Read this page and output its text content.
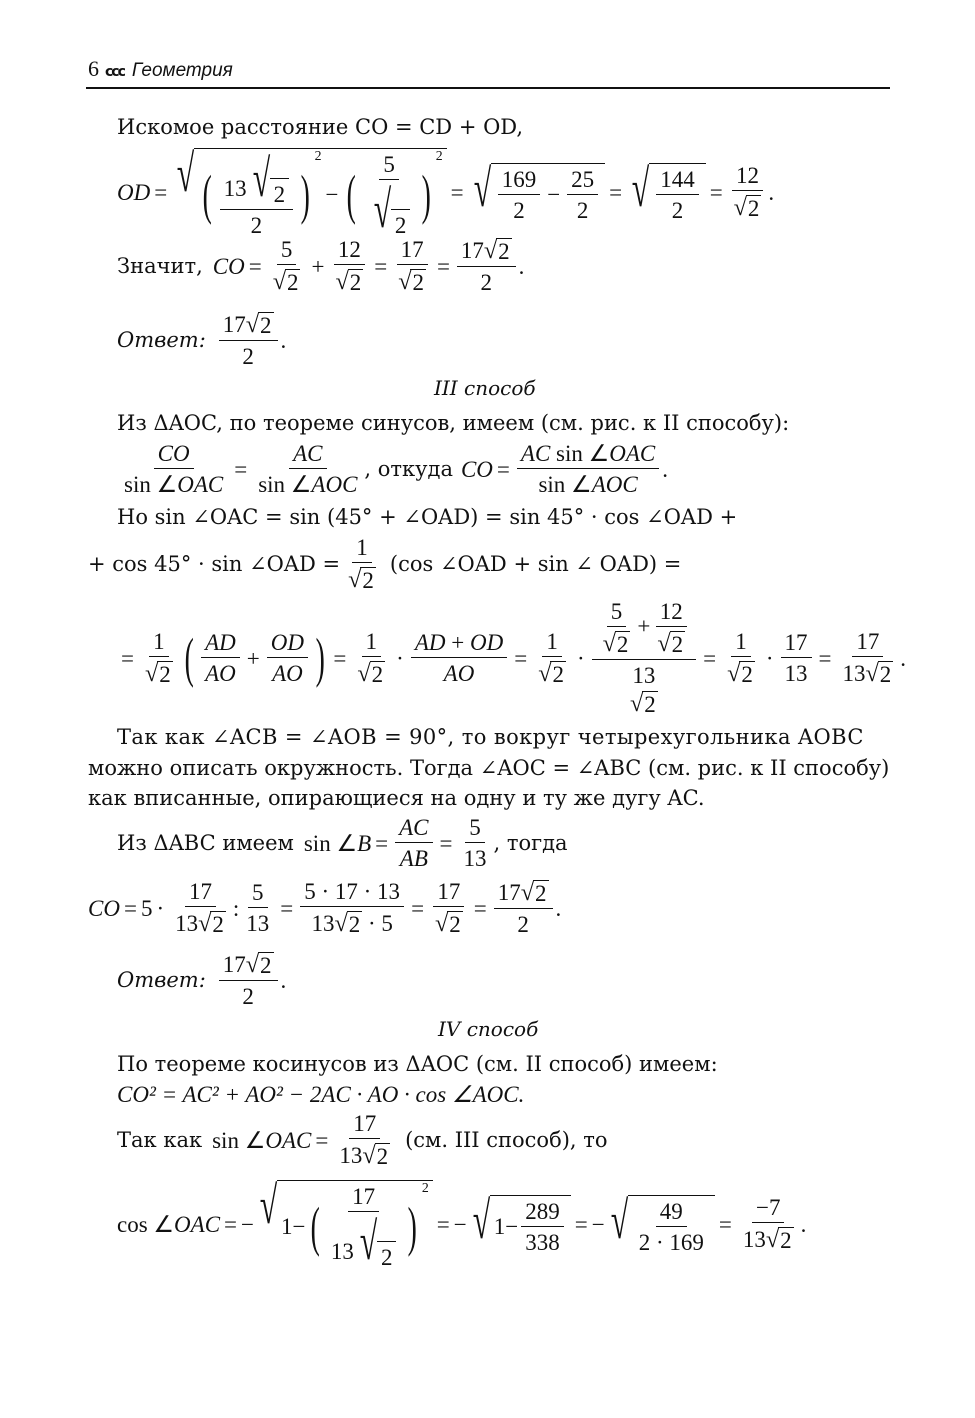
6 ccc Геометрия
Искомое расстояние CO = CD + OD,
OD = √ ( $\frac{13 √ 2}{2}$ )
2
− ( $\frac{5}{√ 2}$ )
2
= √ $\frac{169}{2} - \frac{25}{2}$ = √ $\frac{144}{2} = \frac{12}{√ 2}$ .
Значит, CO = $\frac{5}{√ 2} + \frac{12}{√ 2} = \frac{17}{√ 2} = \frac{17 √ 2}{2}$ .
Ответ: $\frac{17 √ 2}{2}$ .
III способ
Из ΔAOC, по теореме синусов, имеем (см. рис. к II способу):
$\frac{CO}{\text{sin ∠OAC}} = \frac{AC}{\text{sin ∠AOC}}$ , откуда CO = $\frac{\text{AC sin ∠OAC}}{\text{sin ∠AOC}}$ .
Но sin ∠OAC = sin (45° + ∠OAD) = sin 45° · cos ∠OAD +
+ cos 45° · sin ∠OAD = $\frac{1}{√ 2} (\cos$ ∠OAD + sin ∠ OAD) =
= $\frac{1}{√ 2}$ ( $\frac{AD}{AO} + \frac{OD}{AO}$ ) = $\frac{1}{√ 2} \cdot \frac{AD + OD}{AO} = \frac{1}{√ 2} \cdot \frac{5}{√ 2} + \frac{12}{√ 2}$
13
√ $2 = \frac{1}{√ 2} \cdot \frac{17}{13} = \frac{17}{13 √ 2}$ .
Так как ∠ACB = ∠AOB = 90°, то вокруг четырехугольника AOBC
можно описать окружность. Тогда ∠AOC = ∠ABC (см. рис. к II способу)
как вписанные, опирающиеся на одну и ту же дугу AC.
Из ΔABC имеем sin ∠ $B = \frac{AC}{AB} = \frac{5}{13}$ , тогда
CO = $5 \cdot \frac{17}{13 √ 2}$ : $\frac{5}{13} = \frac{5 \cdot 17 \cdot 13}{13 √ 2 \cdot 5} = \frac{17}{√ 2} = \frac{17 √ 2}{2}$ .
Ответ: $\frac{17 √ 2}{2}$ .
IV способ
По теореме косинусов из ΔAOC (см. II способ) имеем:
CO² = AC² + AO² − 2AC · AO · cos ∠AOC.
Так как sin ∠ OAC = $\frac{17}{13 √ 2} (см$. III способ), то
cos ∠ OAC = − √ 1− ( $\frac{17}{13 √ 2}$ )
2
= − √ $1- \frac{289}{338}$ = − √ $\frac{49}{2 \cdot 169} = \frac{-7}{13 √ 2}$ .
